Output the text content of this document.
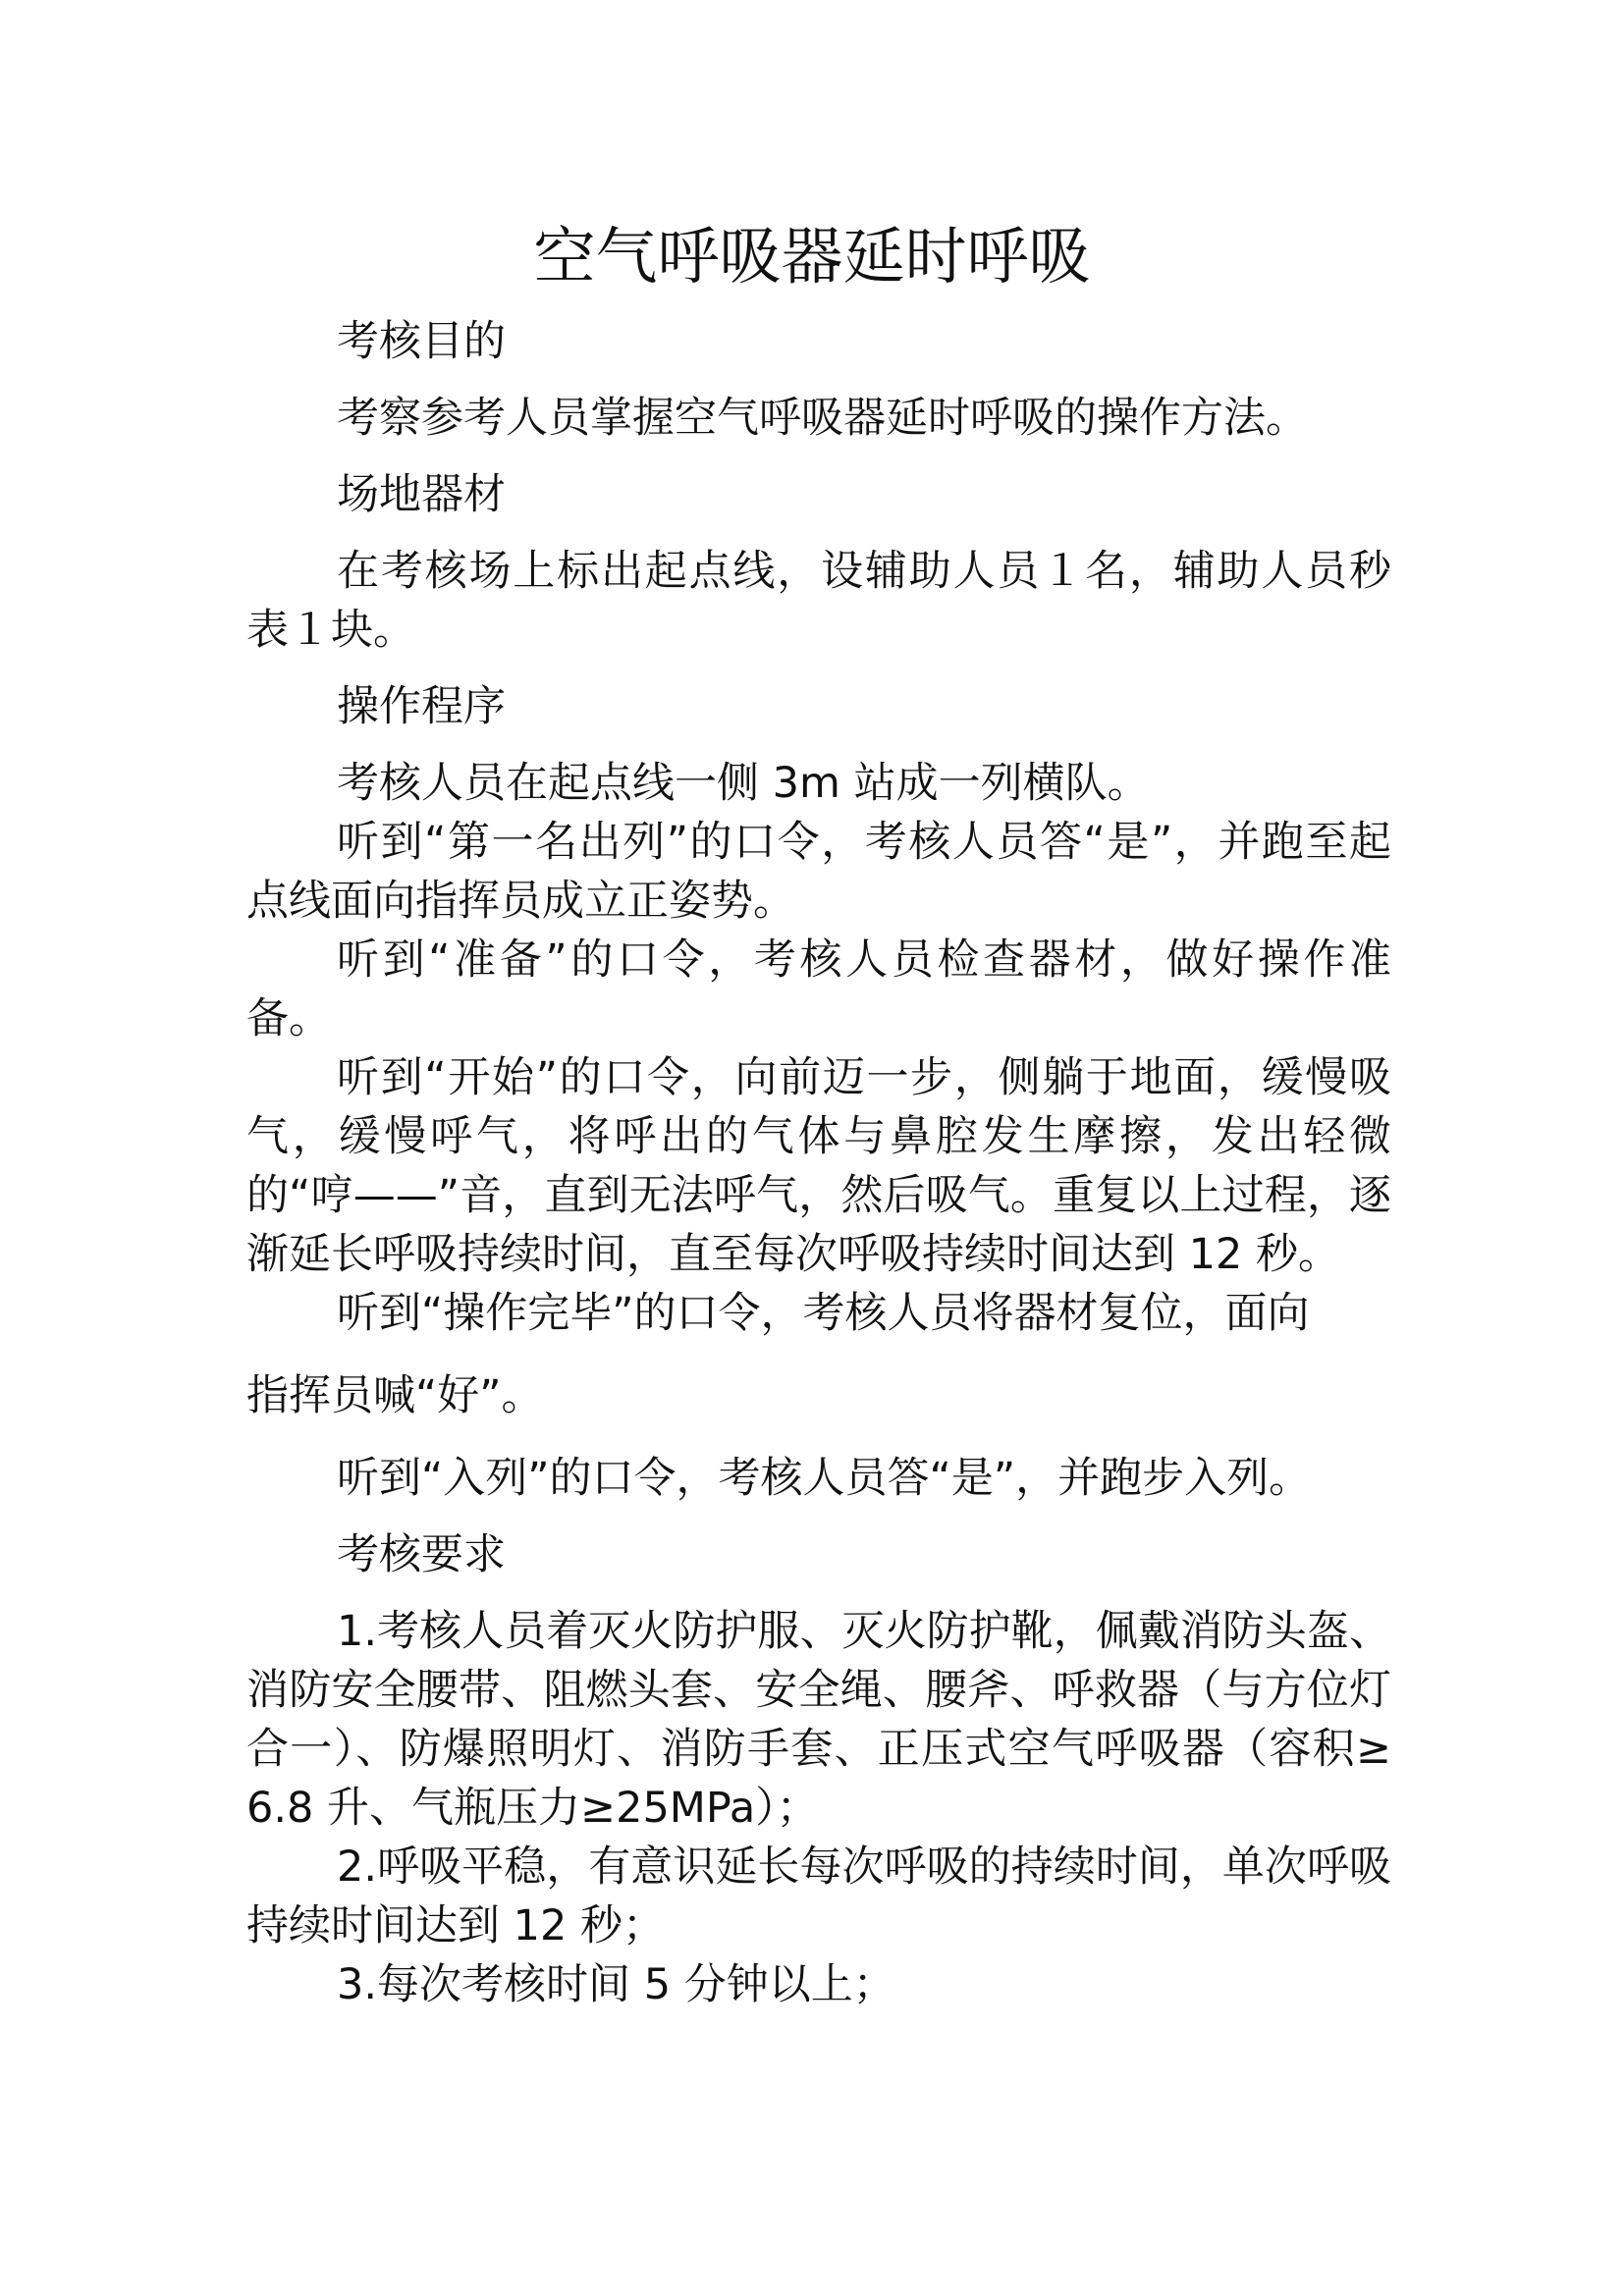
空气呼吸器延时呼吸

考核目的

考察参考人员掌握空气呼吸器延时呼吸的操作方法。

场地器材

在考核场上标出起点线，设辅助人员１名，辅助人员秒表１块。

操作程序

考核人员在起点线一侧 3m 站成一列横队。

听到“第一名出列”的口令，考核人员答“是”，并跑至起点线面向指挥员成立正姿势。

听到“准备”的口令，考核人员检查器材，做好操作准备。

听到“开始”的口令，向前迈一步，侧躺于地面，缓慢吸气，缓慢呼气，将呼出的气体与鼻腔发生摩擦，发出轻微的“哼——”音，直到无法呼气，然后吸气。重复以上过程，逐渐延长呼吸持续时间，直至每次呼吸持续时间达到 12 秒。

听到“操作完毕”的口令，考核人员将器材复位，面向

指挥员喊“好”。

听到“入列”的口令，考核人员答“是”，并跑步入列。

考核要求

1.考核人员着灭火防护服、灭火防护靴，佩戴消防头盔、消防安全腰带、阻燃头套、安全绳、腰斧、呼救器（与方位灯合一）、防爆照明灯、消防手套、正压式空气呼吸器（容积≥6.8 升、气瓶压力≥25MPa）；

2.呼吸平稳，有意识延长每次呼吸的持续时间，单次呼吸持续时间达到 12 秒；

3.每次考核时间 5 分钟以上；
